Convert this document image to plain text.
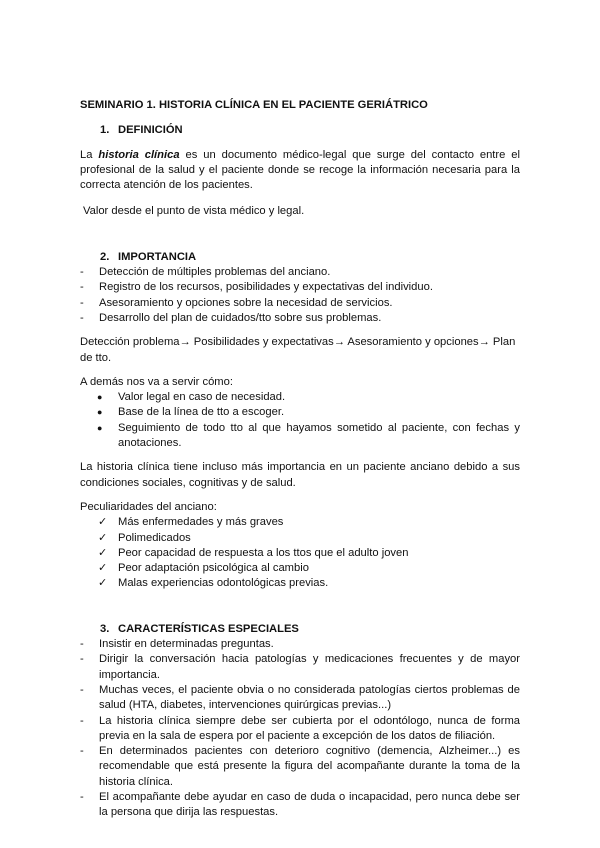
SEMINARIO 1. HISTORIA CLÍNICA EN EL PACIENTE GERIÁTRICO

1. DEFINICIÓN

La historia clínica es un documento médico-legal que surge del contacto entre el profesional de la salud y el paciente donde se recoge la información necesaria para la correcta atención de los pacientes.

Valor desde el punto de vista médico y legal.

2. IMPORTANCIA

- Detección de múltiples problemas del anciano.
- Registro de los recursos, posibilidades y expectativas del individuo.
- Asesoramiento y opciones sobre la necesidad de servicios.
- Desarrollo del plan de cuidados/tto sobre sus problemas.

Detección problema→ Posibilidades y expectativas→ Asesoramiento y opciones→ Plan de tto.

A demás nos va a servir cómo:

● Valor legal en caso de necesidad.
● Base de la línea de tto a escoger.
● Seguimiento de todo tto al que hayamos sometido al paciente, con fechas y anotaciones.

La historia clínica tiene incluso más importancia en un paciente anciano debido a sus condiciones sociales, cognitivas y de salud.

Peculiaridades del anciano:

✓ Más enfermedades y más graves
✓ Polimedicados
✓ Peor capacidad de respuesta a los ttos que el adulto joven
✓ Peor adaptación psicológica al cambio
✓ Malas experiencias odontológicas previas.

3. CARACTERÍSTICAS ESPECIALES

- Insistir en determinadas preguntas.
- Dirigir la conversación hacia patologías y medicaciones frecuentes y de mayor importancia.
- Muchas veces, el paciente obvia o no considerada patologías ciertos problemas de salud (HTA, diabetes, intervenciones quirúrgicas previas...)
- La historia clínica siempre debe ser cubierta por el odontólogo, nunca de forma previa en la sala de espera por el paciente a excepción de los datos de filiación.
- En determinados pacientes con deterioro cognitivo (demencia, Alzheimer...) es recomendable que está presente la figura del acompañante durante la toma de la historia clínica.
- El acompañante debe ayudar en caso de duda o incapacidad, pero nunca debe ser la persona que dirija las respuestas.
